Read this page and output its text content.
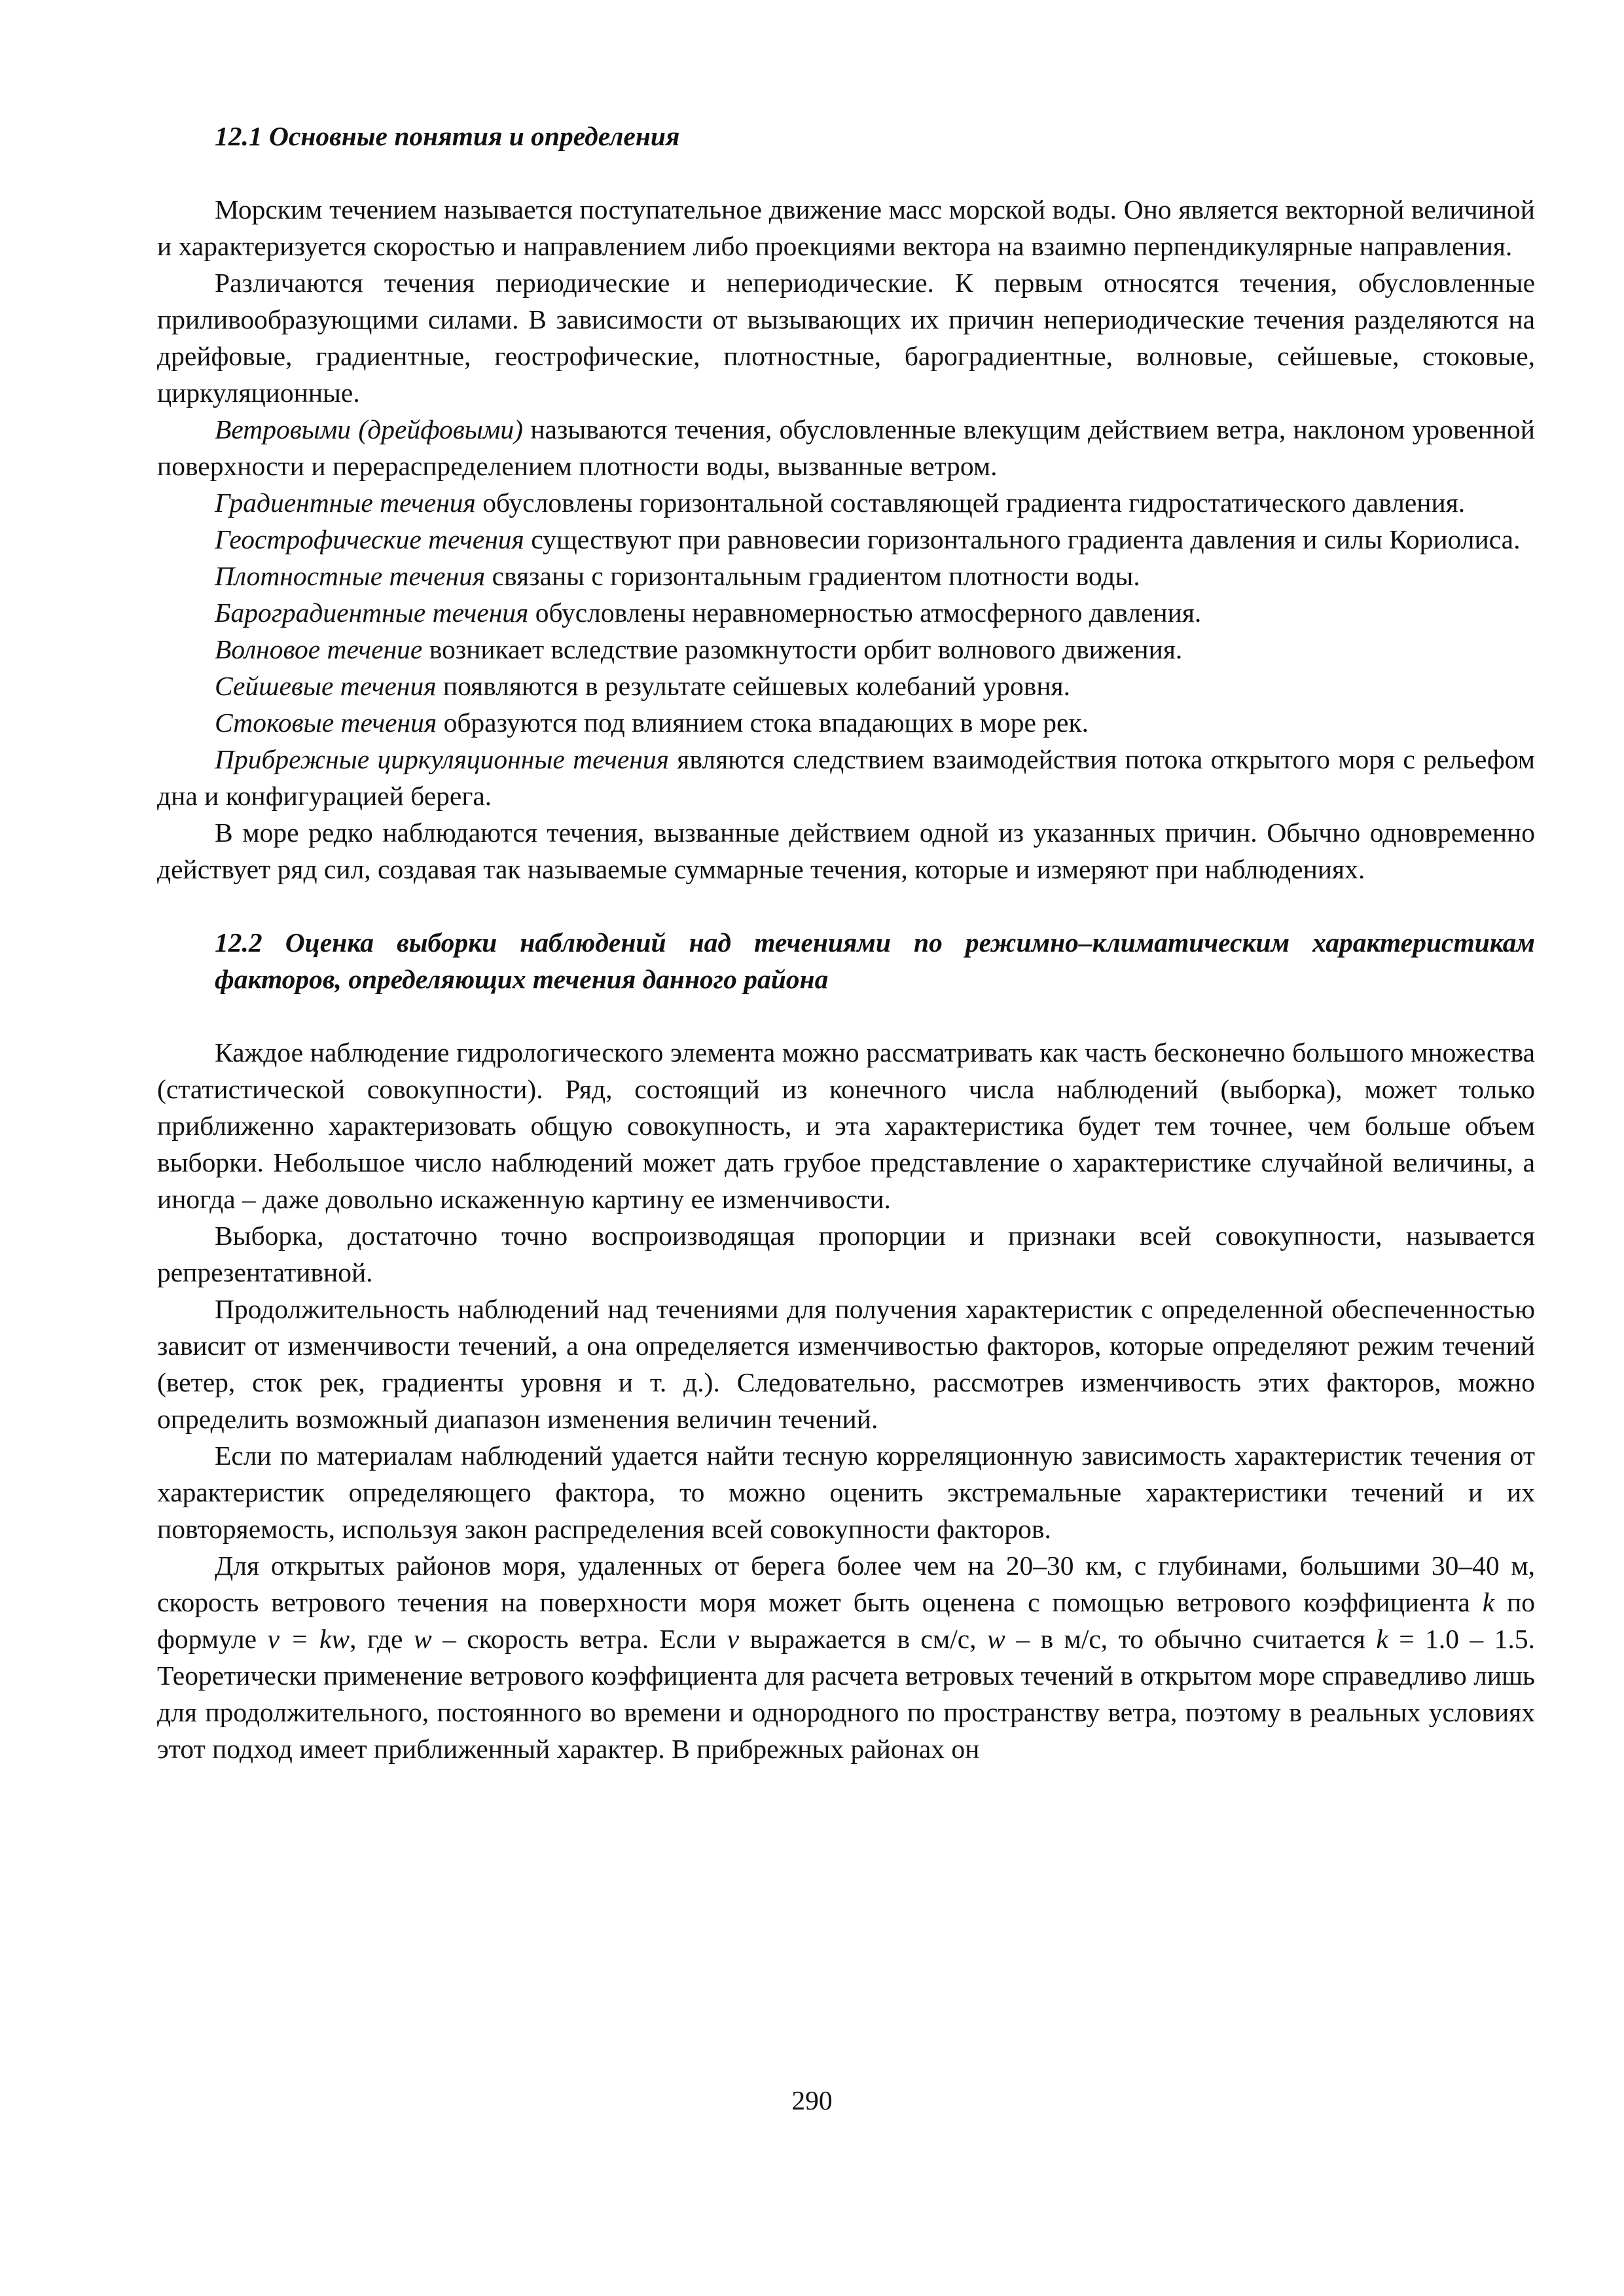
12.1 Основные понятия и определения

Морским течением называется поступательное движение масс морской воды. Оно является векторной величиной и характеризуется скоростью и направлением либо проекциями вектора на взаимно перпендикулярные направления.

Различаются течения периодические и непериодические. К первым относятся течения, обусловленные приливообразующими силами. В зависимости от вызывающих их причин непериодические течения разделяются на дрейфовые, градиентные, геострофические, плотностные, бароградиентные, волновые, сейшевые, стоковые, циркуляционные.

Ветровыми (дрейфовыми) называются течения, обусловленные влекущим действием ветра, наклоном уровенной поверхности и перераспределением плотности воды, вызванные ветром.

Градиентные течения обусловлены горизонтальной составляющей градиента гидростатического давления.

Геострофические течения существуют при равновесии горизонтального градиента давления и силы Кориолиса.

Плотностные течения связаны с горизонтальным градиентом плотности воды.

Бароградиентные течения обусловлены неравномерностью атмосферного давления.

Волновое течение возникает вследствие разомкнутости орбит волнового движения.

Сейшевые течения появляются в результате сейшевых колебаний уровня.

Стоковые течения образуются под влиянием стока впадающих в море рек.

Прибрежные циркуляционные течения являются следствием взаимодействия потока открытого моря с рельефом дна и конфигурацией берега.

В море редко наблюдаются течения, вызванные действием одной из указанных причин. Обычно одновременно действует ряд сил, создавая так называемые суммарные течения, которые и измеряют при наблюдениях.

12.2 Оценка выборки наблюдений над течениями по режимно–климатическим характеристикам факторов, определяющих течения данного района

Каждое наблюдение гидрологического элемента можно рассматривать как часть бесконечно большого множества (статистической совокупности). Ряд, состоящий из конечного числа наблюдений (выборка), может только приближенно характеризовать общую совокупность, и эта характеристика будет тем точнее, чем больше объем выборки. Небольшое число наблюдений может дать грубое представление о характеристике случайной величины, а иногда – даже довольно искаженную картину ее изменчивости.

Выборка, достаточно точно воспроизводящая пропорции и признаки всей совокупности, называется репрезентативной.

Продолжительность наблюдений над течениями для получения характеристик с определенной обеспеченностью зависит от изменчивости течений, а она определяется изменчивостью факторов, которые определяют режим течений (ветер, сток рек, градиенты уровня и т. д.). Следовательно, рассмотрев изменчивость этих факторов, можно определить возможный диапазон изменения величин течений.

Если по материалам наблюдений удается найти тесную корреляционную зависимость характеристик течения от характеристик определяющего фактора, то можно оценить экстремальные характеристики течений и их повторяемость, используя закон распределения всей совокупности факторов.

Для открытых районов моря, удаленных от берега более чем на 20–30 км, с глубинами, большими 30–40 м, скорость ветрового течения на поверхности моря может быть оценена с помощью ветрового коэффициента k по формуле v = kw, где w – скорость ветра. Если v выражается в см/с, w – в м/с, то обычно считается k = 1.0 – 1.5. Теоретически применение ветрового коэффициента для расчета ветровых течений в открытом море справедливо лишь для продолжительного, постоянного во времени и однородного по пространству ветра, поэтому в реальных условиях этот подход имеет приближенный характер. В прибрежных районах он

290
